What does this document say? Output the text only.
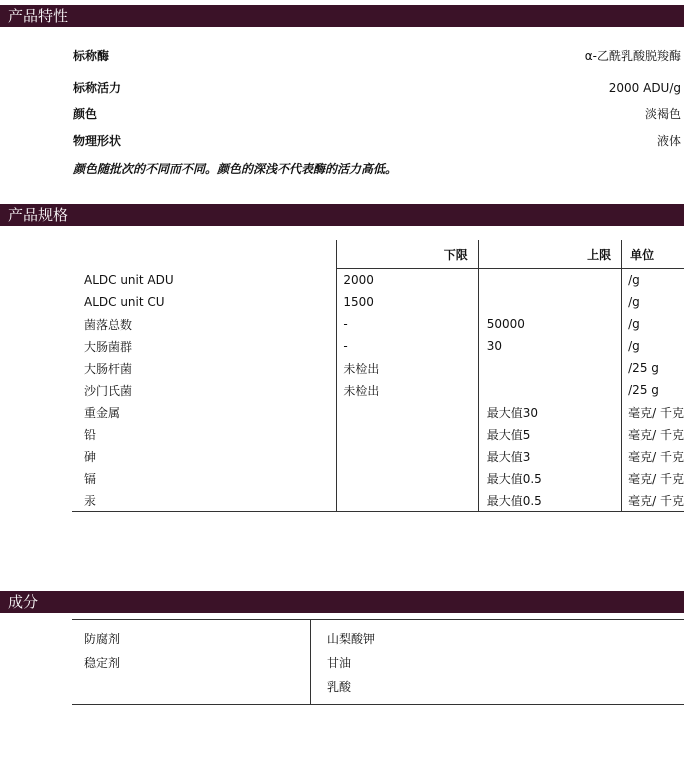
产品特性
标称酶	α-乙酰乳酸脱羧酶
标称活力	2000 ADU/g
颜色	淡褐色
物理形状	液体
颜色随批次的不同而不同。颜色的深浅不代表酶的活力高低。
产品规格
	下限	上限	单位
ALDC unit ADU	2000		/g
ALDC unit CU	1500		/g
菌落总数	-	50000	/g
大肠菌群	-	30	/g
大肠杆菌	未检出		/25 g
沙门氏菌	未检出		/25 g
重金属		最大值30	毫克/ 千克
铅		最大值5	毫克/ 千克
砷		最大值3	毫克/ 千克
镉		最大值0.5	毫克/ 千克
汞		最大值0.5	毫克/ 千克
成分
防腐剂	山梨酸钾
稳定剂	甘油
	乳酸
